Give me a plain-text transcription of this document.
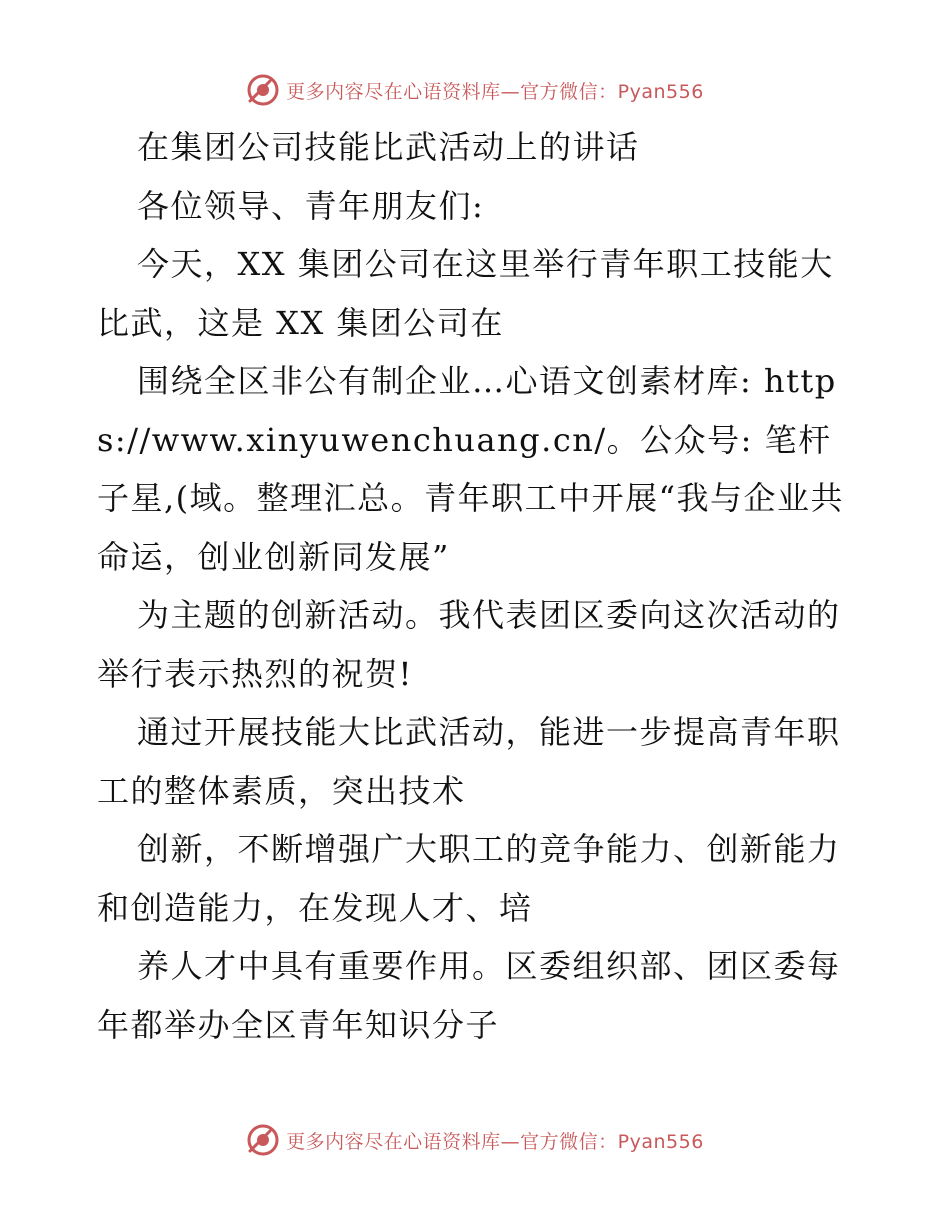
更多内容尽在心语资料库—官方微信：Pyan556

在集团公司技能比武活动上的讲话

各位领导、青年朋友们:

今天，XX 集团公司在这里举行青年职工技能大比武，这是 XX 集团公司在

围绕全区非公有制企业…心语文创素材库: https://www.xinyuwenchuang.cn/。公众号: 笔杆子星,(域。整理汇总。青年职工中开展“我与企业共命运，创业创新同发展”

为主题的创新活动。我代表团区委向这次活动的举行表示热烈的祝贺!

通过开展技能大比武活动，能进一步提高青年职工的整体素质，突出技术

创新，不断增强广大职工的竞争能力、创新能力和创造能力，在发现人才、培

养人才中具有重要作用。区委组织部、团区委每年都举办全区青年知识分子

更多内容尽在心语资料库—官方微信：Pyan556
